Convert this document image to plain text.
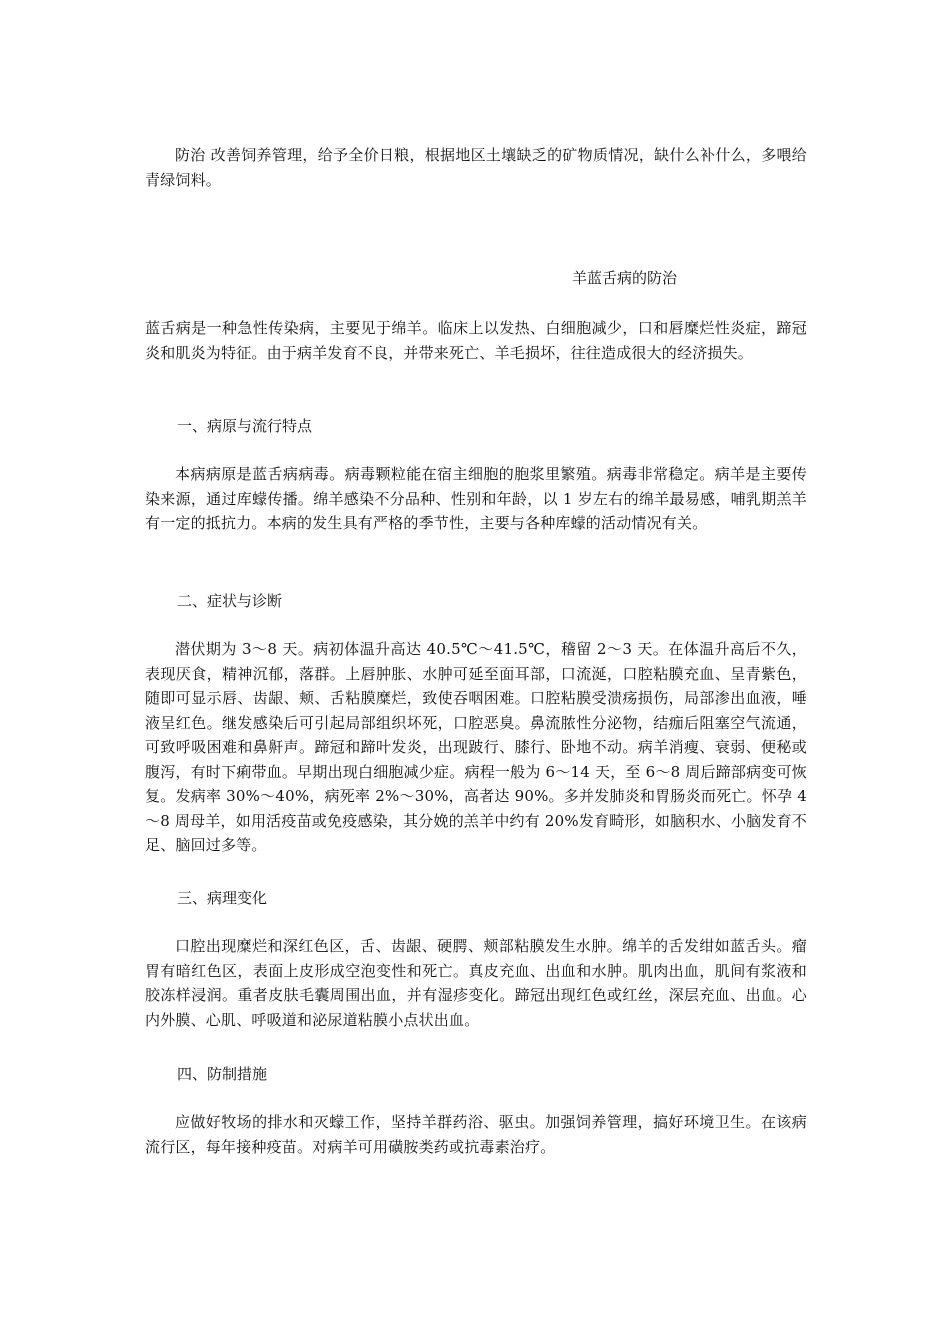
防治 改善饲养管理，给予全价日粮，根据地区土壤缺乏的矿物质情况，缺什么补什么，多喂给青绿饲料。

羊蓝舌病的防治

蓝舌病是一种急性传染病，主要见于绵羊。临床上以发热、白细胞减少，口和唇糜烂性炎症，蹄冠炎和肌炎为特征。由于病羊发育不良，并带来死亡、羊毛损坏，往往造成很大的经济损失。

一、病原与流行特点

本病病原是蓝舌病病毒。病毒颗粒能在宿主细胞的胞浆里繁殖。病毒非常稳定。病羊是主要传染来源，通过库蠓传播。绵羊感染不分品种、性别和年龄，以 1 岁左右的绵羊最易感，哺乳期羔羊有一定的抵抗力。本病的发生具有严格的季节性，主要与各种库蠓的活动情况有关。

二、症状与诊断

潜伏期为 3～8 天。病初体温升高达 40.5℃～41.5℃，稽留 2～3 天。在体温升高后不久，表现厌食，精神沉郁，落群。上唇肿胀、水肿可延至面耳部，口流涎，口腔粘膜充血、呈青紫色，随即可显示唇、齿龈、颊、舌粘膜糜烂，致使吞咽困难。口腔粘膜受溃疡损伤，局部渗出血液，唾液呈红色。继发感染后可引起局部组织坏死，口腔恶臭。鼻流脓性分泌物，结痂后阻塞空气流通，可致呼吸困难和鼻鼾声。蹄冠和蹄叶发炎，出现跛行、膝行、卧地不动。病羊消瘦、衰弱、便秘或腹泻，有时下痢带血。早期出现白细胞减少症。病程一般为 6～14 天，至 6～8 周后蹄部病变可恢复。发病率 30%～40%，病死率 2%～30%，高者达 90%。多并发肺炎和胃肠炎而死亡。怀孕 4～8 周母羊，如用活疫苗或免疫感染，其分娩的羔羊中约有 20%发育畸形，如脑积水、小脑发育不足、脑回过多等。

三、病理变化

口腔出现糜烂和深红色区，舌、齿龈、硬腭、颊部粘膜发生水肿。绵羊的舌发绀如蓝舌头。瘤胃有暗红色区，表面上皮形成空泡变性和死亡。真皮充血、出血和水肿。肌肉出血，肌间有浆液和胶冻样浸润。重者皮肤毛囊周围出血，并有湿疹变化。蹄冠出现红色或红丝，深层充血、出血。心内外膜、心肌、呼吸道和泌尿道粘膜小点状出血。

四、防制措施

应做好牧场的排水和灭蠓工作，坚持羊群药浴、驱虫。加强饲养管理，搞好环境卫生。在该病流行区，每年接种疫苗。对病羊可用磺胺类药或抗毒素治疗。
